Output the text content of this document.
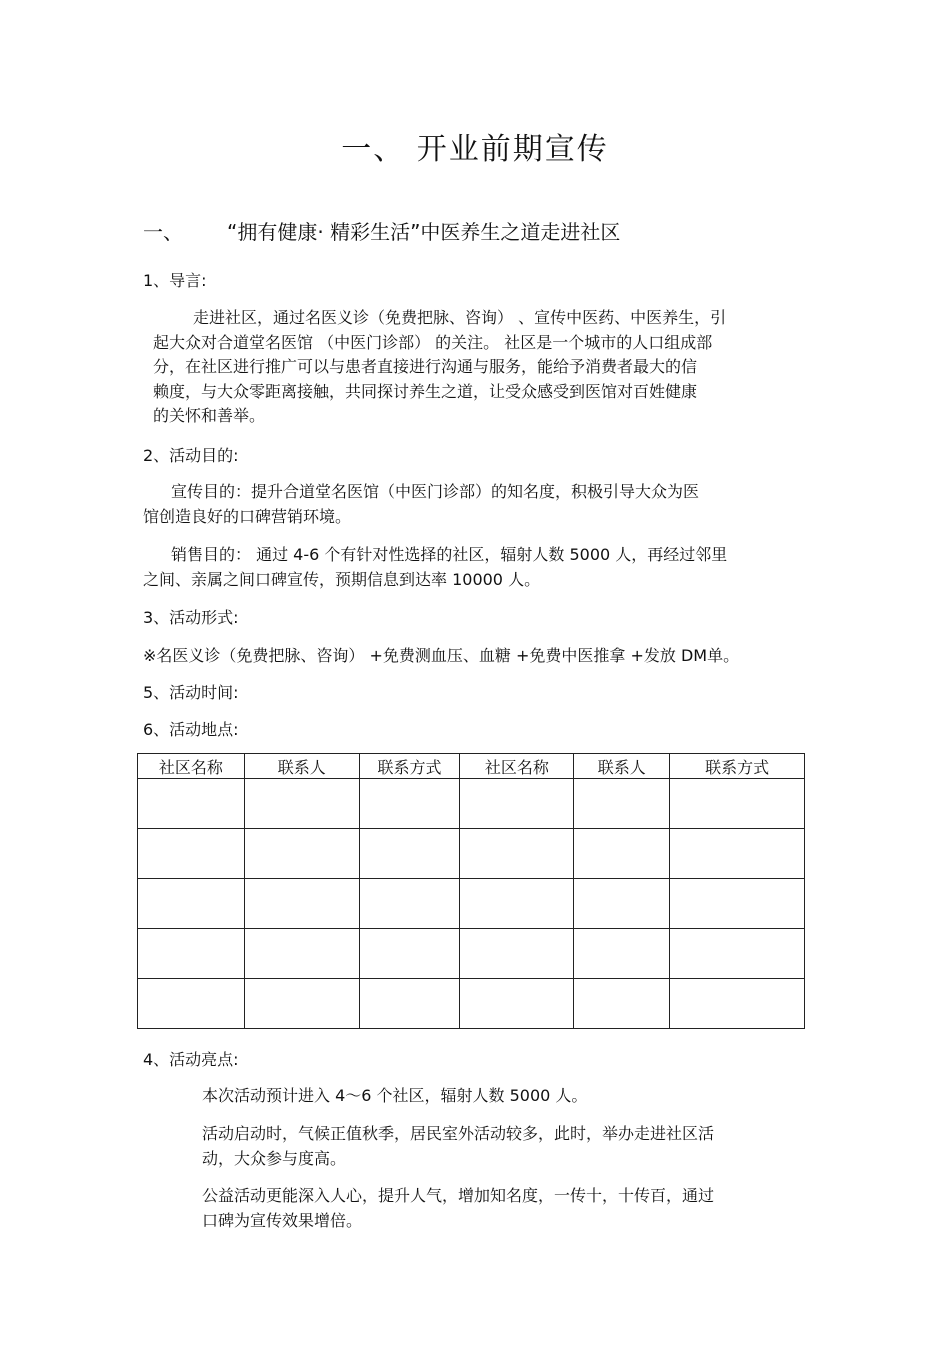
一、 开业前期宣传
一、 “拥有健康· 精彩生活”中医养生之道走进社区
1、导言:
走进社区，通过名医义诊（免费把脉、咨询） 、宣传中医药、中医养生，引
起大众对合道堂名医馆 （中医门诊部） 的关注。 社区是一个城市的人口组成部
分，在社区进行推广可以与患者直接进行沟通与服务，能给予消费者最大的信
赖度，与大众零距离接触，共同探讨养生之道，让受众感受到医馆对百姓健康
的关怀和善举。
2、活动目的:
宣传目的：提升合道堂名医馆（中医门诊部）的知名度，积极引导大众为医
馆创造良好的口碑营销环境。
销售目的： 通过 4-6 个有针对性选择的社区，辐射人数 5000 人，再经过邻里
之间、亲属之间口碑宣传，预期信息到达率 10000 人。
3、活动形式:
※名医义诊（免费把脉、咨询） +免费测血压、血糖 +免费中医推拿 +发放 DM单。
5、活动时间:
6、活动地点:
社区名称	联系人	联系方式	社区名称	联系人	联系方式

4、活动亮点:
本次活动预计进入 4～6 个社区，辐射人数 5000 人。
活动启动时，气候正值秋季，居民室外活动较多，此时，举办走进社区活
动，大众参与度高。
公益活动更能深入人心，提升人气，增加知名度，一传十，十传百，通过
口碑为宣传效果增倍。
